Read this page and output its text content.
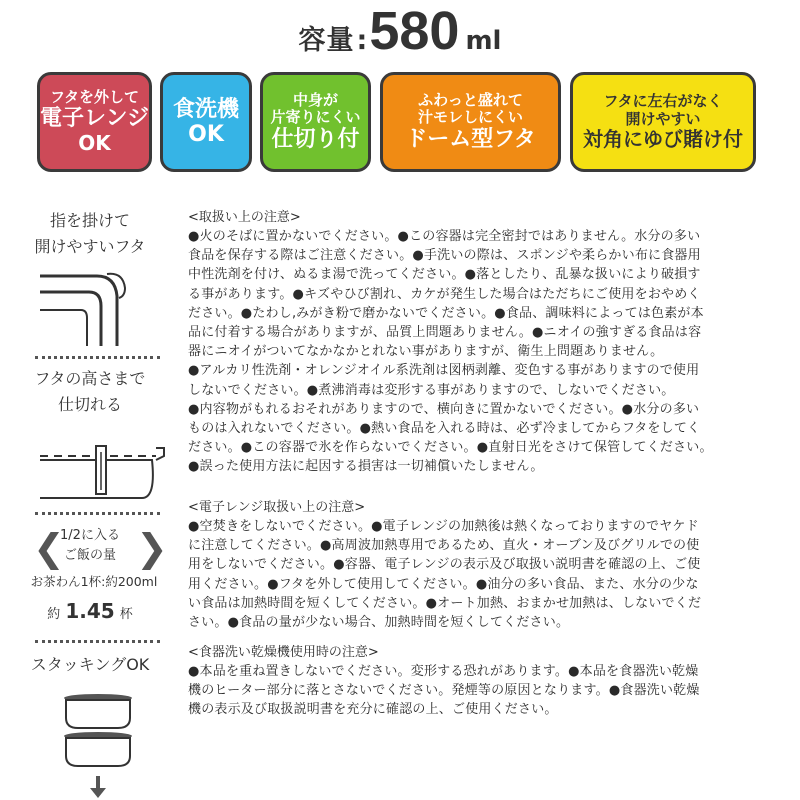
容量 : 580 ml
フタを外して
電子レンジ
OK
食洗機
OK
中身が
片寄りにくい
仕切り付
ふわっと盛れて
汁モレしにくい
ドーム型フタ
フタに左右がなく
開けやすい
対角にゆび賭け付
指を掛けて
開けやすいフタ
フタの高さまで
仕切れる
❮ ❯
1/2に入る
ご飯の量
お茶わん1杯:約200ml
約 1.45 杯
スタッキングOK

<取扱い上の注意>

●火のそばに置かないでください。●この容器は完全密封ではありません。水分の多い

食品を保存する際はご注意ください。●手洗いの際は、スポンジや柔らかい布に食器用

中性洗剤を付け、ぬるま湯で洗ってください。●落としたり、乱暴な扱いにより破損す

る事があります。●キズやひび割れ、カケが発生した場合はただちにご使用をおやめく

ださい。●たわし,みがき粉で磨かないでください。●食品、調味料によっては色素が本

品に付着する場合がありますが、品質上問題ありません。●ニオイの強すぎる食品は容

器にニオイがついてなかなかとれない事がありますが、衛生上問題ありません。

●アルカリ性洗剤・オレンジオイル系洗剤は図柄剥離、変色する事がありますので使用

しないでください。●煮沸消毒は変形する事がありますので、しないでください。

●内容物がもれるおそれがありますので、横向きに置かないでください。●水分の多い

ものは入れないでください。●熱い食品を入れる時は、必ず冷ましてからフタをしてく

ださい。●この容器で氷を作らないでください。●直射日光をさけて保管してください。

●誤った使用方法に起因する損害は一切補償いたしません。

<電子レンジ取扱い上の注意>

●空焚きをしないでください。●電子レンジの加熱後は熱くなっておりますのでヤケド

に注意してください。●高周波加熱専用であるため、直火・オーブン及びグリルでの使

用をしないでください。●容器、電子レンジの表示及び取扱い説明書を確認の上、ご使

用ください。●フタを外して使用してください。●油分の多い食品、また、水分の少な

い食品は加熱時間を短くしてください。●オート加熱、おまかせ加熱は、しないでくだ

さい。●食品の量が少ない場合、加熱時間を短くしてください。

<食器洗い乾燥機使用時の注意>

●本品を重ね置きしないでください。変形する恐れがあります。●本品を食器洗い乾燥

機のヒーター部分に落とさないでください。発煙等の原因となります。●食器洗い乾燥

機の表示及び取扱説明書を充分に確認の上、ご使用ください。
